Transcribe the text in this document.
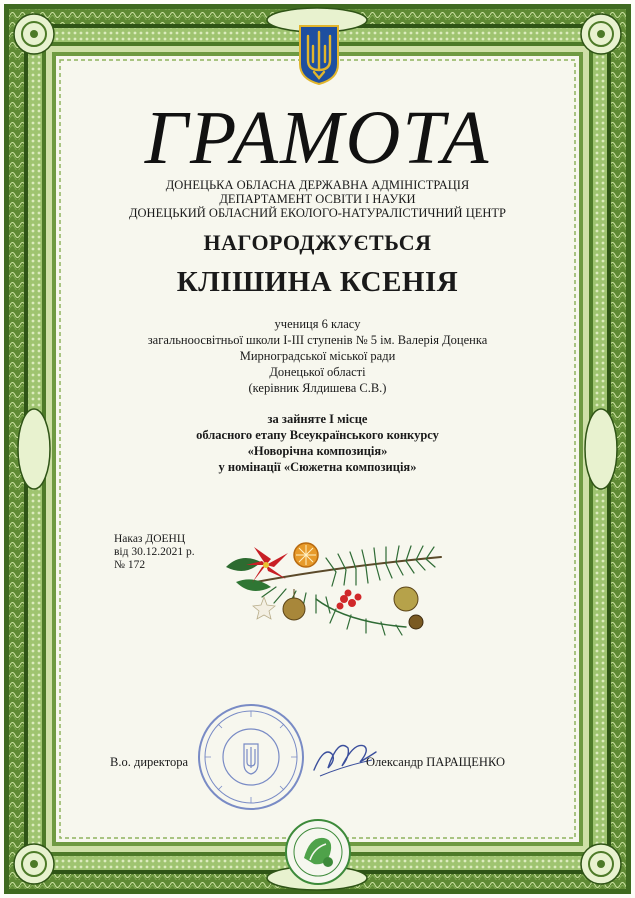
ГРАМОТА
ДОНЕЦЬКА ОБЛАСНА ДЕРЖАВНА АДМІНІСТРАЦІЯ
ДЕПАРТАМЕНТ ОСВІТИ І НАУКИ
ДОНЕЦЬКИЙ ОБЛАСНИЙ ЕКОЛОГО-НАТУРАЛІСТИЧНИЙ ЦЕНТР
НАГОРОДЖУЄТЬСЯ
КЛІШИНА КСЕНІЯ
учениця 6 класу
загальноосвітньої школи І-ІІІ ступенів № 5 ім. Валерія Доценка
Мирноградської міської ради
Донецької області
(керівник Ялдишева С.В.)
за зайняте І місце
обласного етапу Всеукраїнського конкурсу
«Новорічна композиція»
у номінації «Сюжетна композиція»
Наказ ДОЕНЦ
від 30.12.2021 р.
№ 172
В.о. директора	Олександр ПАРАЩЕНКО
